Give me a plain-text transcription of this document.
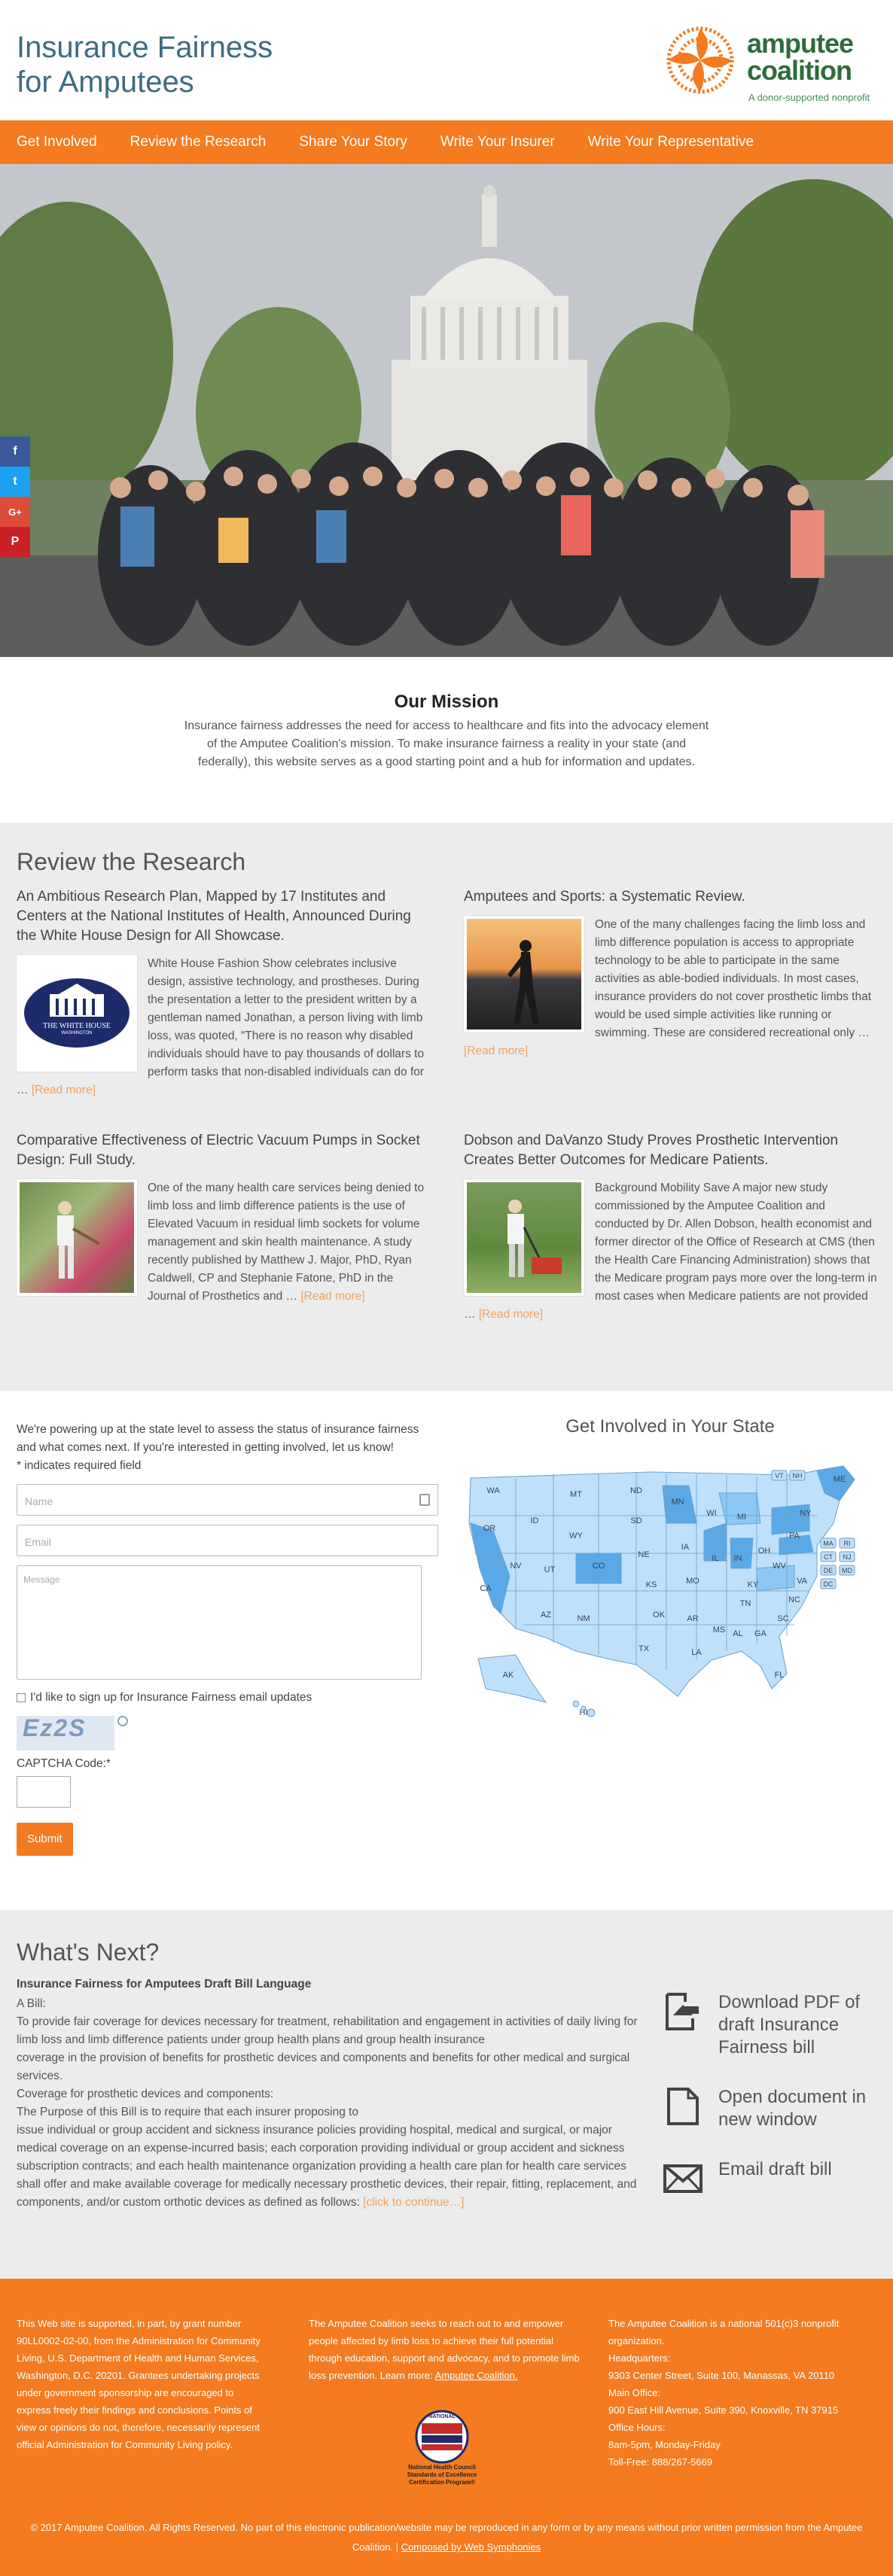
Insurance Fairness
for Amputees
amputee
coalition
A donor-supported nonprofit
Get Involved Review the Research Share Your Story Write Your Insurer Write Your Representative
f
t
G+
P
Our Mission

Insurance fairness addresses the need for access to healthcare and fits into the advocacy element of the Amputee Coalition's mission. To make insurance fairness a reality in your state (and federally), this website serves as a good starting point and a hub for information and updates.

Review the Research
An Ambitious Research Plan, Mapped by 17 Institutes and Centers at the National Institutes of Health, Announced During the White House Design for All Showcase.
THE WHITE HOUSE
WASHINGTON

White House Fashion Show celebrates inclusive design, assistive technology, and prostheses. During the presentation a letter to the president written by a gentleman named Jonathan, a person living with limb loss, was quoted, “There is no reason why disabled individuals should have to pay thousands of dollars to perform tasks that non-disabled individuals can do for … [Read more]

Amputees and Sports: a Systematic Review.

One of the many challenges facing the limb loss and limb difference population is access to appropriate technology to be able to participate in the same activities as able-bodied individuals. In most cases, insurance providers do not cover prosthetic limbs that would be used simple activities like running or swimming. These are considered recreational only … [Read more]

Comparative Effectiveness of Electric Vacuum Pumps in Socket Design: Full Study.

One of the many health care services being denied to limb loss and limb difference patients is the use of Elevated Vacuum in residual limb sockets for volume management and skin health maintenance. A study recently published by Matthew J. Major, PhD, Ryan Caldwell, CP and Stephanie Fatone, PhD in the Journal of Prosthetics and … [Read more]

Dobson and DaVanzo Study Proves Prosthetic Intervention Creates Better Outcomes for Medicare Patients.

Background Mobility Save A major new study commissioned by the Amputee Coalition and conducted by Dr. Allen Dobson, health economist and former director of the Office of Research at CMS (then the Health Care Financing Administration) shows that the Medicare program pays more over the long-term in most cases when Medicare patients are not provided … [Read more]

We're powering up at the state level to assess the status of insurance fairness and what comes next. If you're interested in getting involved, let us know!

* indicates required field

Name
Email
Message
I'd like to sign up for Insurance Fairness email updates
Ez2S

CAPTCHA Code:*

Submit
Get Involved in Your State
WA
OR
CA
NV
ID
MT
WY
UT
AZ
CO
NM
ND
SD
NE
KS
OK
TX
MN
IA
MO
AR
LA
WI
IL
MS
MI
IN
KY
TN
AL
OH
GA
FL
WV
SC
NC
VA
PA
NY
ME
AK
HI
VT NH
MA RI
CT NJ
DE MD
DC
What's Next?
Insurance Fairness for Amputees Draft Bill Language
A Bill:
To provide fair coverage for devices necessary for treatment, rehabilitation and engagement in activities of daily living for
limb loss and limb difference patients under group health plans and group health insurance
coverage in the provision of benefits for prosthetic devices and components and benefits for other medical and surgical services.
Coverage for prosthetic devices and components:
The Purpose of this Bill is to require that each insurer proposing to
issue individual or group accident and sickness insurance policies providing hospital, medical and surgical, or major medical coverage on an expense-incurred basis; each corporation providing individual or group accident and sickness subscription contracts; and each health maintenance organization providing a health care plan for health care services shall offer and make available coverage for medically necessary prosthetic devices, their repair, fitting, replacement, and components, and/or custom orthotic devices as defined as follows: [click to continue…]
Download PDF of draft Insurance Fairness bill
Open document in new window
Email draft bill
This Web site is supported, in part, by grant number 90LL0002-02-00, from the Administration for Community Living, U.S. Department of Health and Human Services, Washington, D.C. 20201. Grantees undertaking projects under government sponsorship are encouraged to express freely their findings and conclusions. Points of view or opinions do not, therefore, necessarily represent official Administration for Community Living policy.
The Amputee Coalition seeks to reach out to and empower people affected by limb loss to achieve their full potential through education, support and advocacy, and to promote limb loss prevention. Learn more: Amputee Coalition.
NATIONAL
National Health Council
Standards of Excellence
Certification Program®
The Amputee Coalition is a national 501(c)3 nonprofit organization.
Headquarters:
9303 Center Street, Suite 100, Manassas, VA 20110
Main Office:
900 East Hill Avenue, Suite 390, Knoxville, TN 37915
Office Hours:
8am-5pm, Monday-Friday
Toll-Free: 888/267-5669
© 2017 Amputee Coalition. All Rights Reserved. No part of this electronic publication/website may be reproduced in any form or by any means without prior written permission from the Amputee Coalition. | Composed by Web Symphonies
